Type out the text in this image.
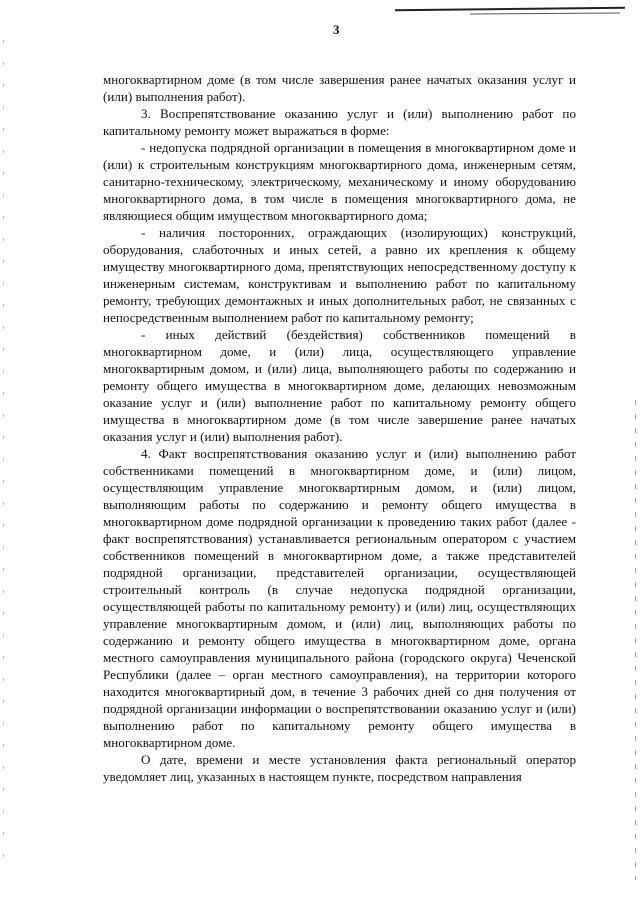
3

многоквартирном доме (в том числе завершения ранее начатых оказания услуг и (или) выполнения работ).

3. Воспрепятствование оказанию услуг и (или) выполнению работ по капитальному ремонту может выражаться в форме:

- недопуска подрядной организации в помещения в многоквартирном доме и (или) к строительным конструкциям многоквартирного дома, инженерным сетям, санитарно-техническому, электрическому, механическому и иному оборудованию многоквартирного дома, в том числе в помещения многоквартирного дома, не являющиеся общим имуществом многоквартирного дома;

- наличия посторонних, ограждающих (изолирующих) конструкций, оборудования, слаботочных и иных сетей, а равно их крепления к общему имуществу многоквартирного дома, препятствующих непосредственному доступу к инженерным системам, конструктивам и выполнению работ по капитальному ремонту, требующих демонтажных и иных дополнительных работ, не связанных с непосредственным выполнением работ по капитальному ремонту;

- иных действий (бездействия) собственников помещений в многоквартирном доме, и (или) лица, осуществляющего управление многоквартирным домом, и (или) лица, выполняющего работы по содержанию и ремонту общего имущества в многоквартирном доме, делающих невозможным оказание услуг и (или) выполнение работ по капитальному ремонту общего имущества в многоквартирном доме (в том числе завершение ранее начатых оказания услуг и (или) выполнения работ).

4. Факт воспрепятствования оказанию услуг и (или) выполнению работ собственниками помещений в многоквартирном доме, и (или) лицом, осуществляющим управление многоквартирным домом, и (или) лицом, выполняющим работы по содержанию и ремонту общего имущества в многоквартирном доме подрядной организации к проведению таких работ (далее - факт воспрепятствования) устанавливается региональным оператором с участием собственников помещений в многоквартирном доме, а также представителей подрядной организации, представителей организации, осуществляющей строительный контроль (в случае недопуска подрядной организации, осуществляющей работы по капитальному ремонту) и (или) лиц, осуществляющих управление многоквартирным домом, и (или) лиц, выполняющих работы по содержанию и ремонту общего имущества в многоквартирном доме, органа местного самоуправления муниципального района (городского округа) Чеченской Республики (далее – орган местного самоуправления), на территории которого находится многоквартирный дом, в течение 3 рабочих дней со дня получения от подрядной организации информации о воспрепятствовании оказанию услуг и (или) выполнению работ по капитальному ремонту общего имущества в многоквартирном доме.

О дате, времени и месте установления факта региональный оператор уведомляет лиц, указанных в настоящем пункте, посредством направления
